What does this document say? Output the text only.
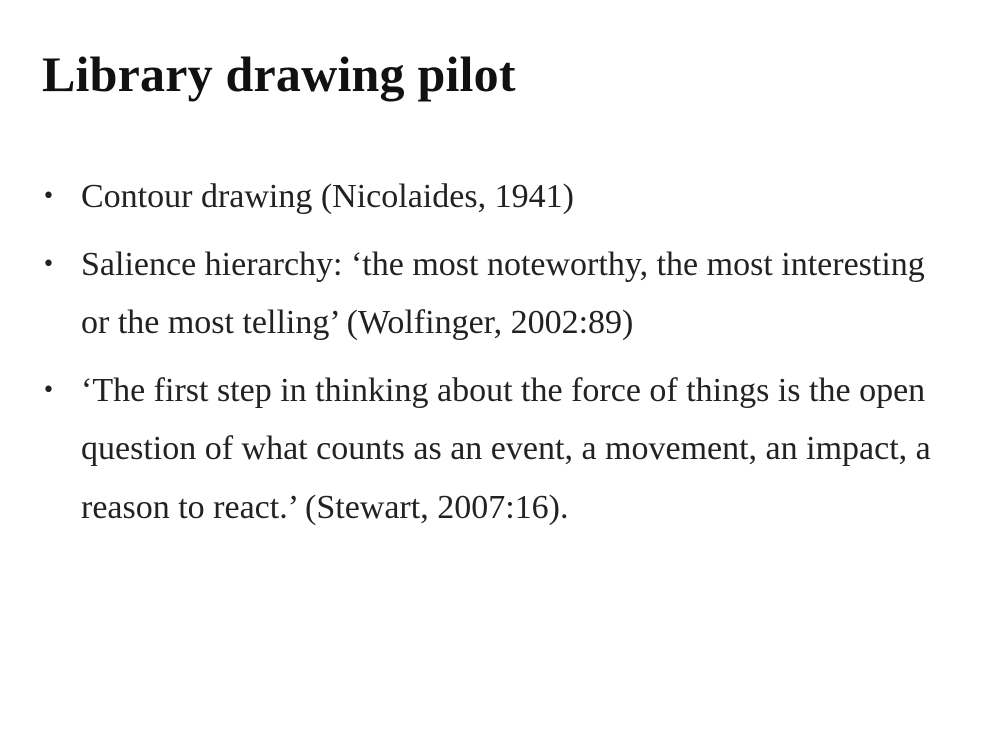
Library drawing pilot
• Contour drawing (Nicolaides, 1941)
• Salience hierarchy: ‘the most noteworthy, the most interesting or the most telling’ (Wolfinger, 2002:89)
• ‘The first step in thinking about the force of things is the open question of what counts as an event, a movement, an impact, a reason to react.’ (Stewart, 2007:16).
